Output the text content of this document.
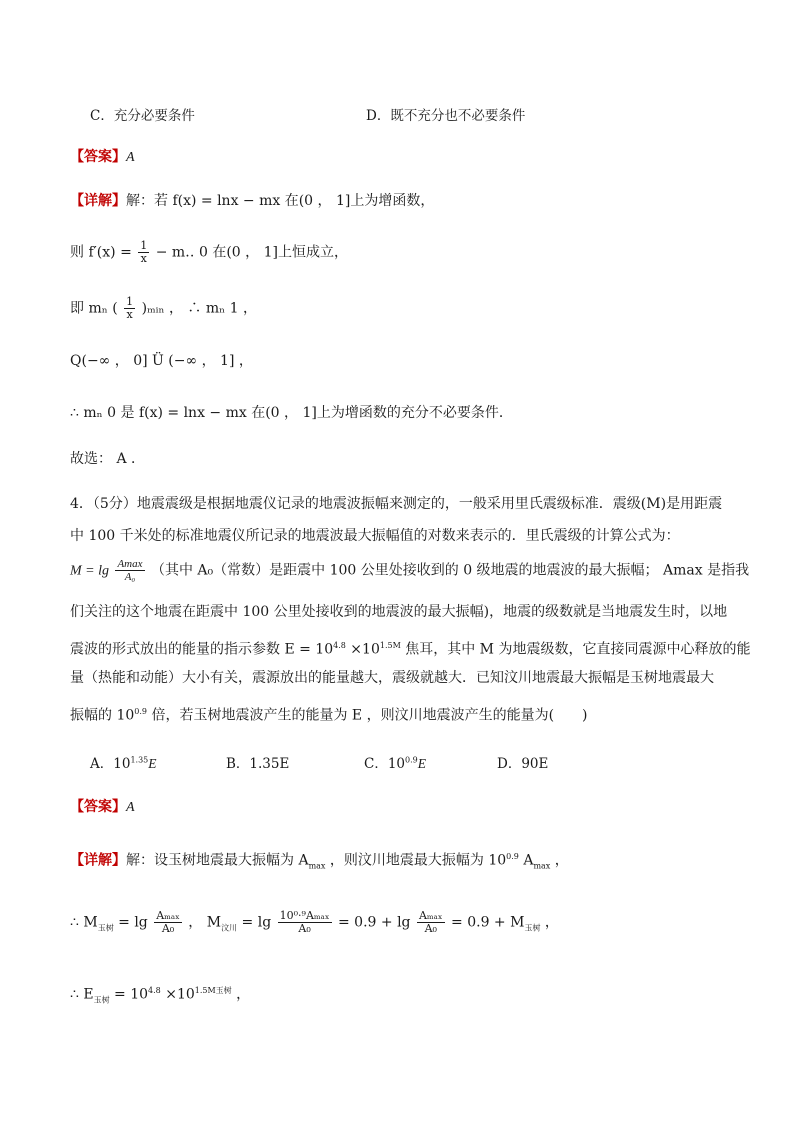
C．充分必要条件	D．既不充分也不必要条件
【答案】A
【详解】解：若 f(x) = lnx − mx 在(0 ， 1]上为增函数，
则 $f'(x) = \frac{1}{x}$ − m‥ 0 在(0 ， 1]上恒成立，
即 mₙ ( $\frac{1}{x}$ )ₘᵢₙ ， ∴ mₙ 1 ，
Q(−∞ ， 0] Ü (−∞ ， 1] ，
∴ mₙ 0 是 f(x) = lnx − mx 在(0 ， 1]上为增函数的充分不必要条件．
故选： A ．
4．（5分）地震震级是根据地震仪记录的地震波振幅来测定的，一般采用里氏震级标准．震级(M)是用距震
中 100 千米处的标准地震仪所记录的地震波最大振幅值的对数来表示的．里氏震级的计算公式为：
$M = \lg \frac{Amax}{\text{A₀}}$ （其中 A₀（常数）是距震中 100 公里处接收到的 0 级地震的地震波的最大振幅； Amax 是指我
们关注的这个地震在距震中 100 公里处接收到的地震波的最大振幅)，地震的级数就是当地震发生时，以地
震波的形式放出的能量的指示参数 $E = 10^{4.8} \times 10^{1.5M}$ 焦耳，其中 M 为地震级数，它直接同震源中心释放的能
量（热能和动能）大小有关，震源放出的能量越大，震级就越大．已知汶川地震最大振幅是玉树地震最大
振幅的 $10^{0.9}$ 倍，若玉树地震波产生的能量为 E ，则汶川地震波产生的能量为(　　)
A．$10^{1.35}E$	B．1.35E	C．$10^{0.9}E$	D．90E
【答案】A
【详解】解：设玉树地震最大振幅为 $A_{max}$ ，则汶川地震最大振幅为 $10^{0.9}$ $A_{max}$ ，
∴ $M_{玉树} = \lg \frac{\text{Aₘₐₓ}}{\text{A₀}}$ ， $M_{汶川} = \lg \frac{\text{10⁰·⁹Aₘₐₓ}}{\text{A₀}} = 0.9 + \lg \frac{\text{Aₘₐₓ}}{\text{A₀}} = 0.9 + M_{玉树}$ ，
∴ $E_{玉树} = 10^{4.8} \times 10^{1.5M玉树}$ ，
